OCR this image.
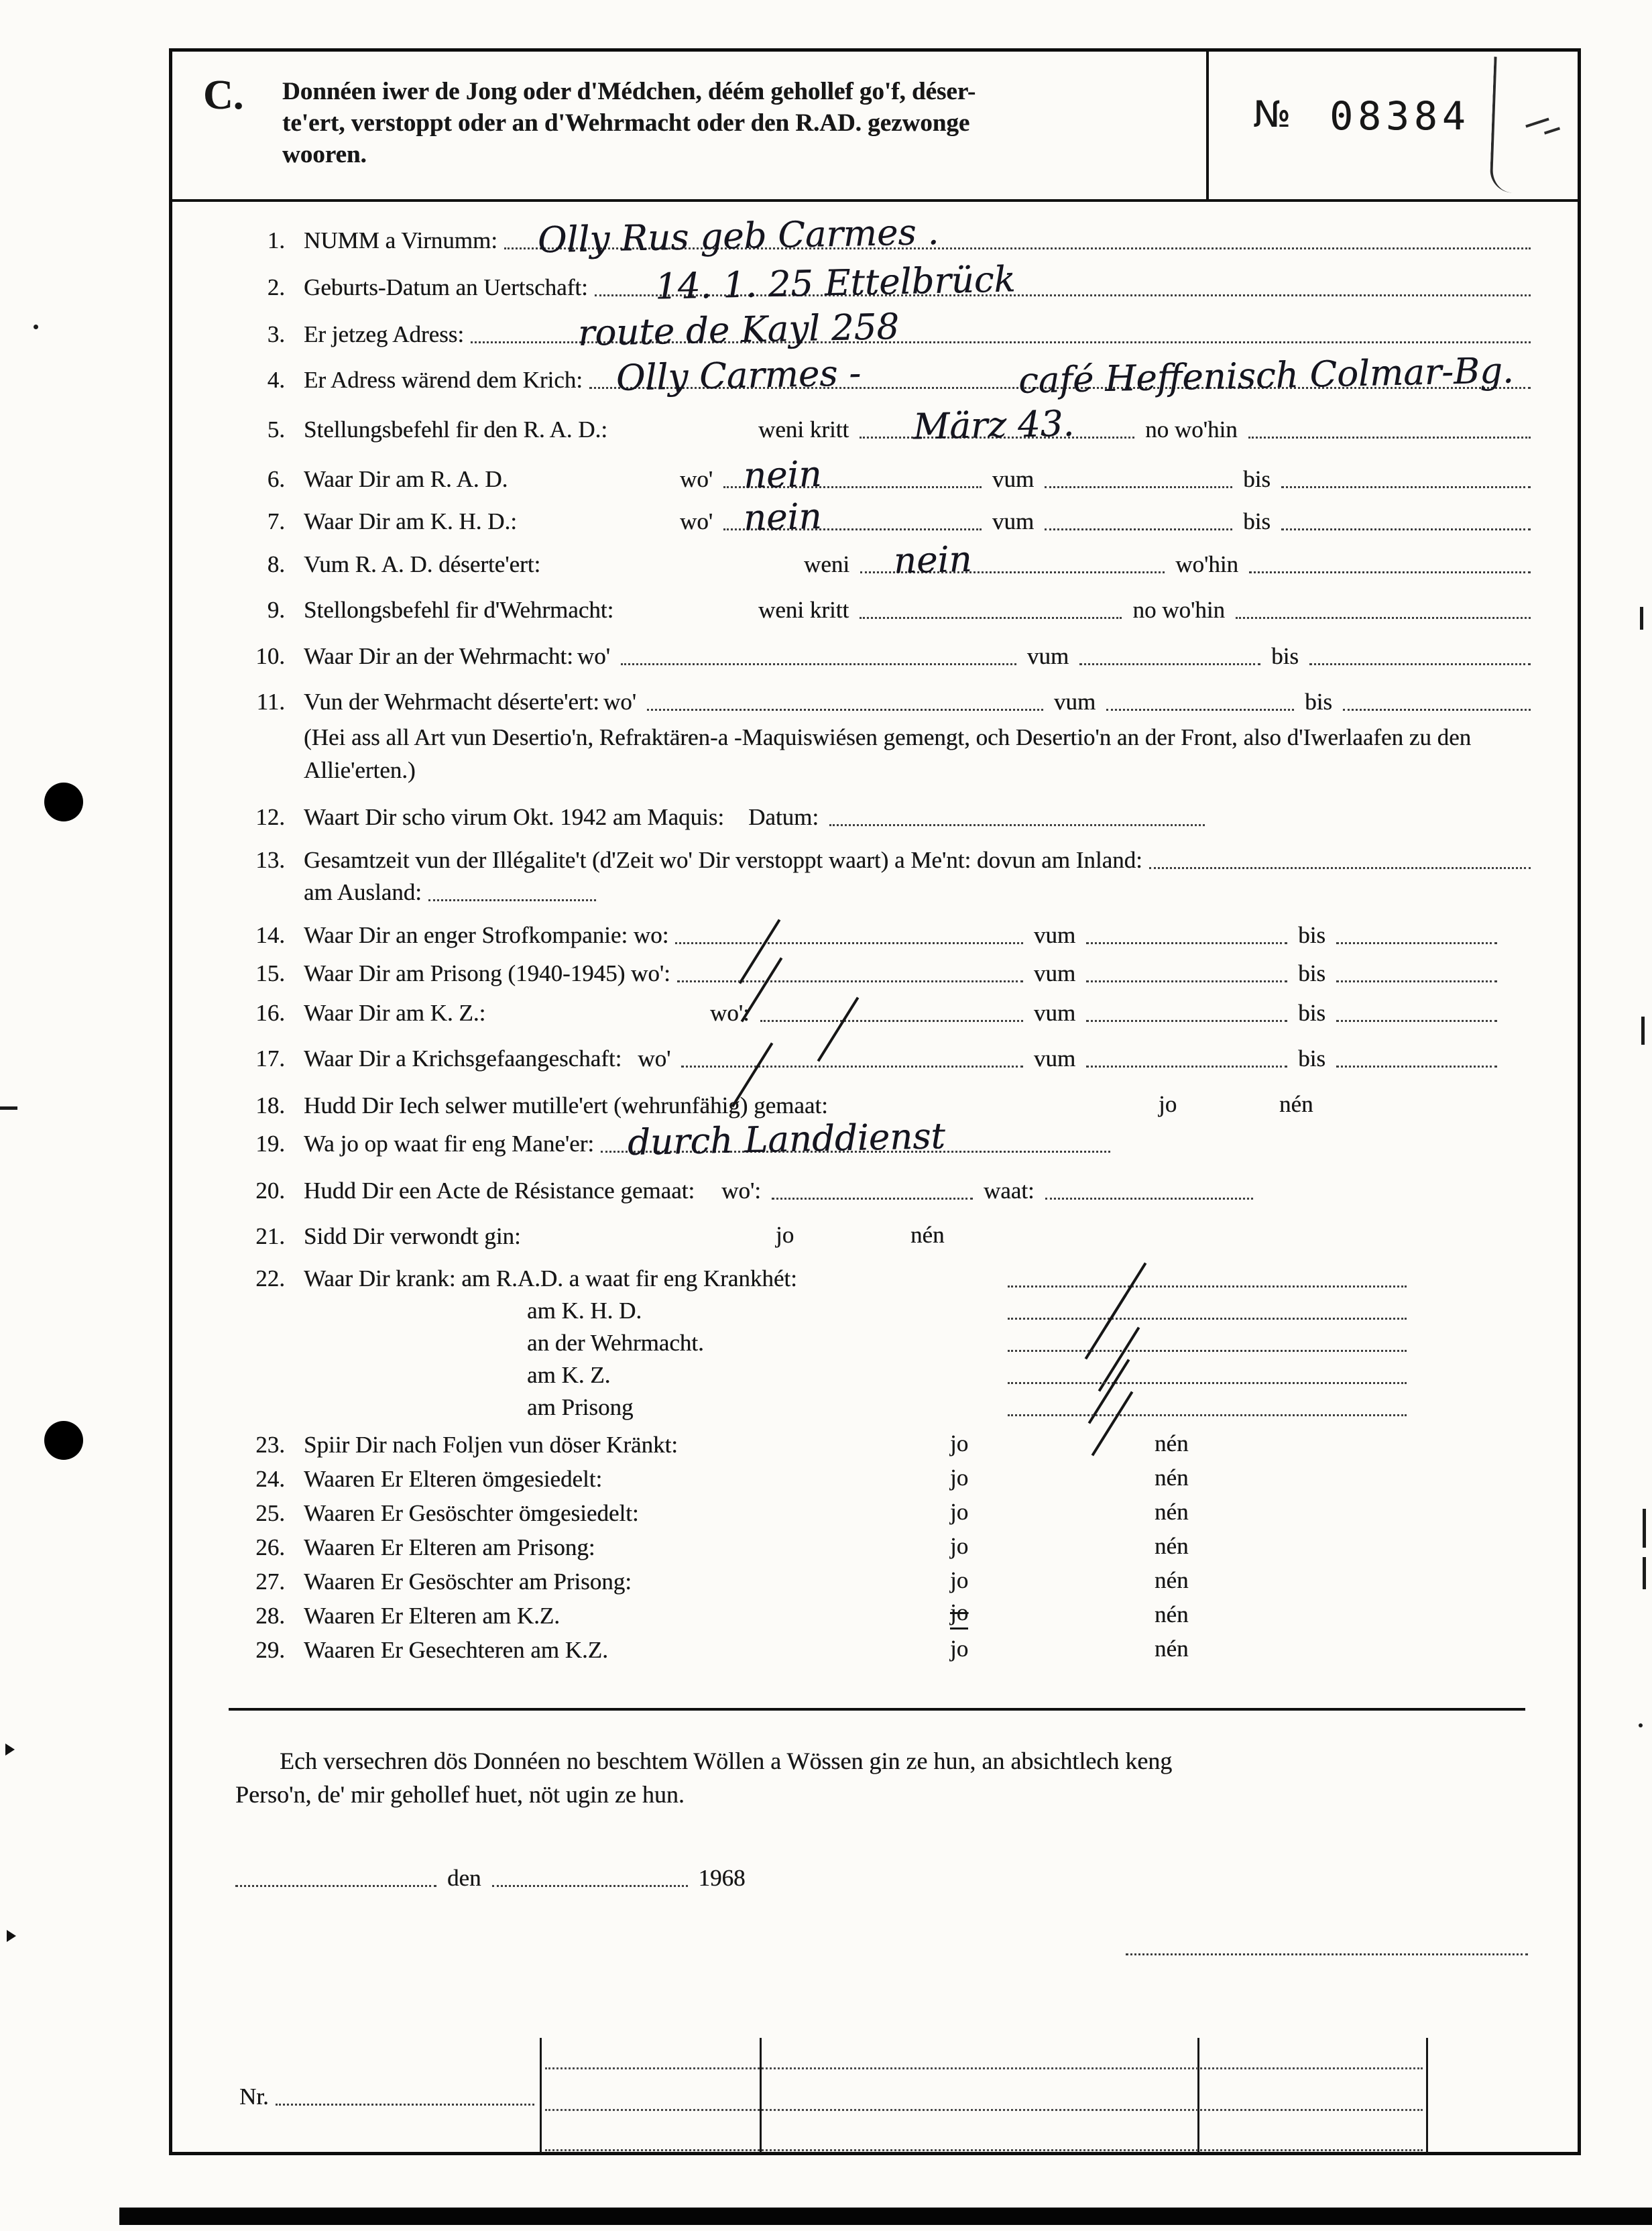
C.	Donnéen iwer de Jong oder d'Médchen, déém gehollef go'f, déser-
te'ert, verstoppt oder an d'Wehrmacht oder den R.AD. gezwonge
wooren.
№ 08384
1. NUMM a Virnumm: Olly Rus geb Carmes .
2. Geburts-Datum an Uertschaft: 14. 1. 25 Ettelbrück
3. Er jetzeg Adress:	route de Kayl 258
4. Er Adress wärend dem Krich: Olly Carmes -	café Heffenisch Colmar-Bg.
5. Stellungsbefehl fir den R. A. D.:	weni kritt März 43.	no wo'hin
6. Waar Dir am R. A. D.	wo' nein	vum	bis
7. Waar Dir am K. H. D.:	wo' nein	vum	bis
8. Vum R. A. D. déserte'ert:	weni nein	wo'hin
9. Stellongsbefehl fir d'Wehrmacht:	weni kritt	no wo'hin
10. Waar Dir an der Wehrmacht: wo'	vum	bis
11. Vun der Wehrmacht déserte'ert: wo'	vum	bis
(Hei ass all Art vun Desertio'n, Refraktären-a -Maquiswiésen gemengt, och Desertio'n an der Front, also d'Iwerlaafen zu den Allie'erten.)
12. Waart Dir scho virum Okt. 1942 am Maquis: Datum:
13. Gesamtzeit vun der Illégalite't (d'Zeit wo' Dir verstoppt waart) a Me'nt: dovun am Inland:
am Ausland:
14. Waar Dir an enger Strofkompanie: wo:	vum	bis
15. Waar Dir am Prisong (1940-1945) wo':	vum	bis
16. Waar Dir am K. Z.:	wo':	vum	bis
17. Waar Dir a Krichsgefaangeschaft: wo'	vum	bis
18. Hudd Dir Iech selwer mutille'ert (wehrunfähig) gemaat:	jo	nén
19. Wa jo op waat fir eng Mane'er: durch Landdienst
20. Hudd Dir een Acte de Résistance gemaat: wo':	waat:
21. Sidd Dir verwondt gin:	jo	nén
22. Waar Dir krank: am R.A.D. a waat fir eng Krankhét:
am K. H. D.
an der Wehrmacht.
am K. Z.
am Prisong
23. Spiir Dir nach Foljen vun döser Kränkt:	jo	nén
24. Waaren Er Elteren ömgesiedelt:	jo	nén
25. Waaren Er Gesöschter ömgesiedelt:	jo	nén
26. Waaren Er Elteren am Prisong:	jo	nén
27. Waaren Er Gesöschter am Prisong:	jo	nén
28. Waaren Er Elteren am K.Z.	jo	nén
29. Waaren Er Gesechteren am K.Z.	jo	nén
Ech versechren dös Donnéen no beschtem Wöllen a Wössen gin ze hun, an absichtlech keng
Perso'n, de' mir gehollef huet, nöt ugin ze hun.
den	1968
Nr.
